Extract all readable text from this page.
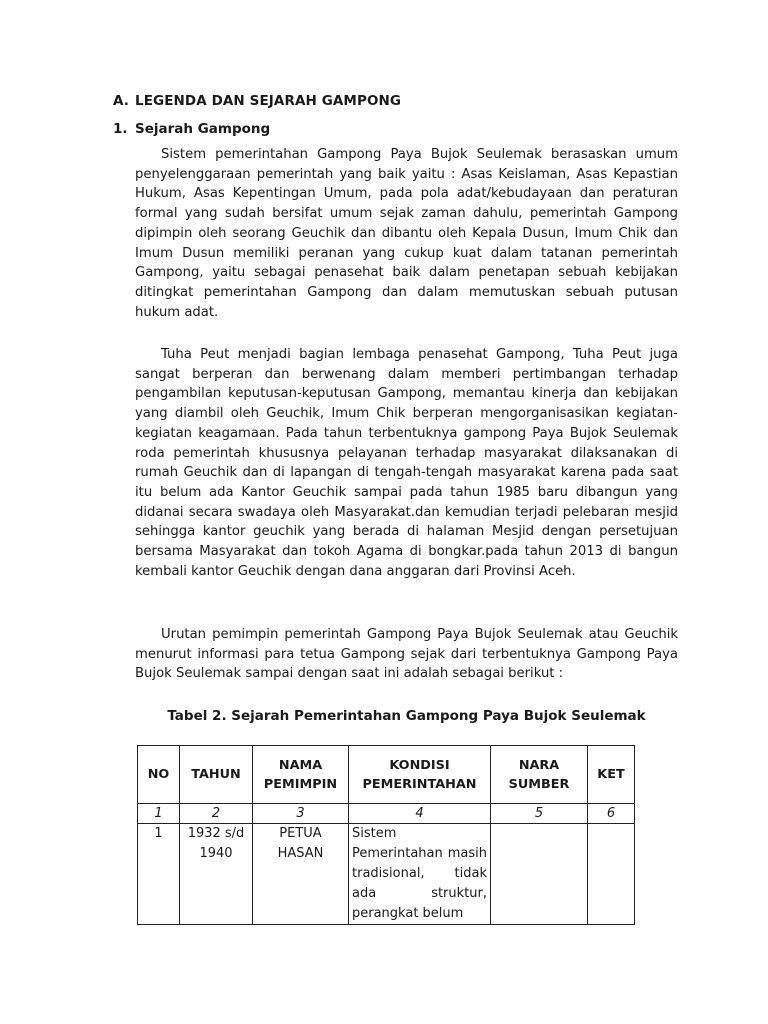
A. LEGENDA DAN SEJARAH GAMPONG
1. Sejarah Gampong

Sistem pemerintahan Gampong Paya Bujok Seulemak berasaskan umum penyelenggaraan pemerintah yang baik yaitu : Asas Keislaman, Asas Kepastian Hukum, Asas Kepentingan Umum, pada pola adat/kebudayaan dan peraturan formal yang sudah bersifat umum sejak zaman dahulu, pemerintah Gampong dipimpin oleh seorang Geuchik dan dibantu oleh Kepala Dusun, Imum Chik dan Imum Dusun memiliki peranan yang cukup kuat dalam tatanan pemerintah Gampong, yaitu sebagai penasehat baik dalam penetapan sebuah kebijakan ditingkat pemerintahan Gampong dan dalam memutuskan sebuah putusan hukum adat.

Tuha Peut menjadi bagian lembaga penasehat Gampong, Tuha Peut juga sangat berperan dan berwenang dalam memberi pertimbangan terhadap pengambilan keputusan-keputusan Gampong, memantau kinerja dan kebijakan yang diambil oleh Geuchik, Imum Chik berperan mengorganisasikan kegiatan-kegiatan keagamaan. Pada tahun terbentuknya gampong Paya Bujok Seulemak roda pemerintah khususnya pelayanan terhadap masyarakat dilaksanakan di rumah Geuchik dan di lapangan di tengah-tengah masyarakat karena pada saat itu belum ada Kantor Geuchik sampai pada tahun 1985 baru dibangun yang didanai secara swadaya oleh Masyarakat.dan kemudian terjadi pelebaran mesjid sehingga kantor geuchik yang berada di halaman Mesjid dengan persetujuan bersama Masyarakat dan tokoh Agama di bongkar.pada tahun 2013 di bangun kembali kantor Geuchik dengan dana anggaran dari Provinsi Aceh.

Urutan pemimpin pemerintah Gampong Paya Bujok Seulemak atau Geuchik menurut informasi para tetua Gampong sejak dari terbentuknya Gampong Paya Bujok Seulemak sampai dengan saat ini adalah sebagai berikut :

Tabel 2. Sejarah Pemerintahan Gampong Paya Bujok Seulemak
NO	TAHUN	NAMA PEMIMPIN	KONDISI PEMERINTAHAN	NARA SUMBER	KET
1	2	3	4	5	6
1	1932 s/d 1940	PETUA HASAN	Sistem Pemerintahan masih tradisional, tidak ada struktur, perangkat belum		
